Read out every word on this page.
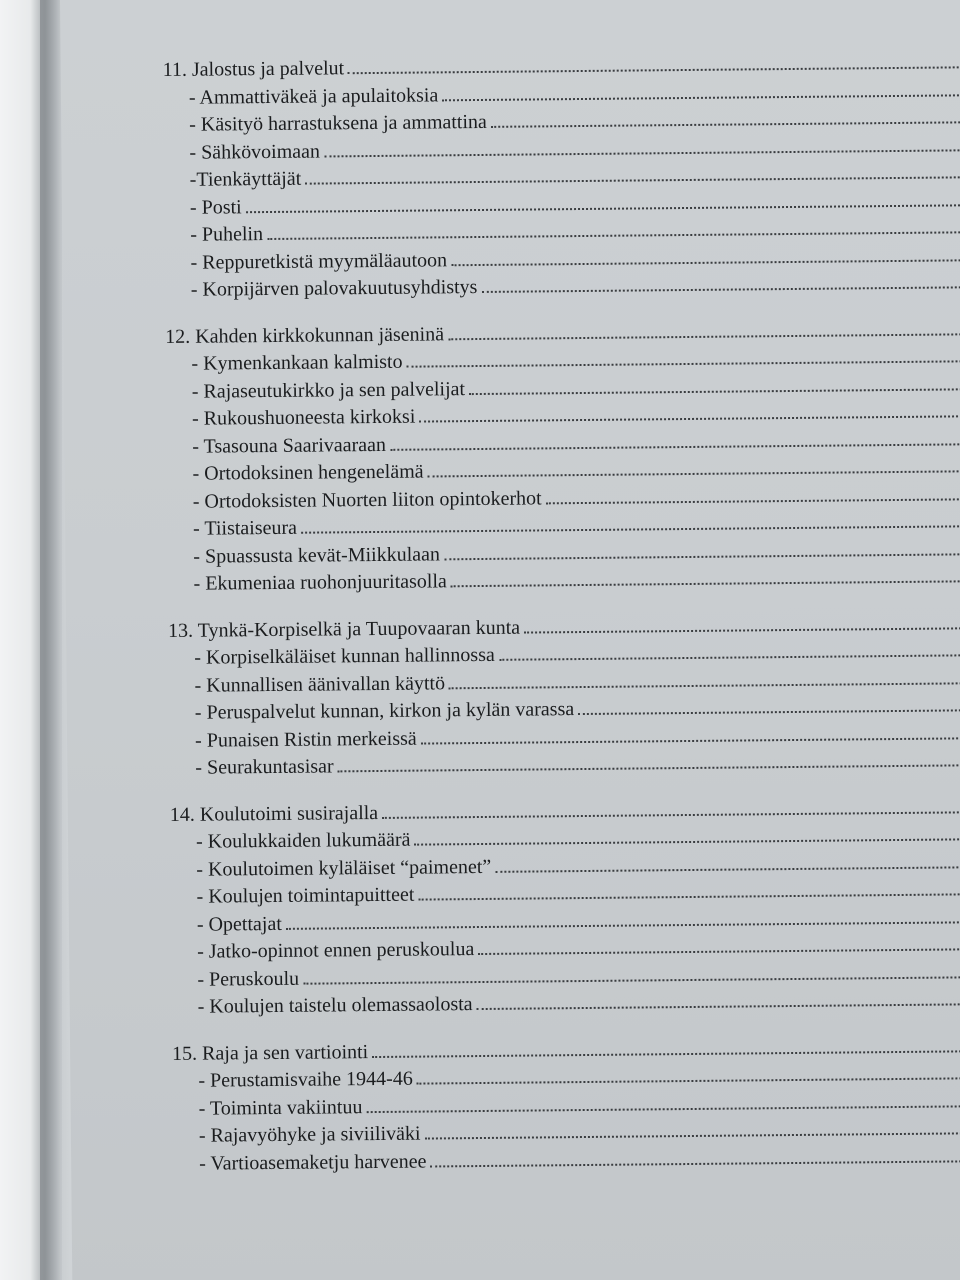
11. Jalostus ja palvelut
- Ammattiväkeä ja apulaitoksia
- Käsityö harrastuksena ja ammattina
- Sähkövoimaan
-Tienkäyttäjät
- Posti
- Puhelin
- Reppuretkistä myymäläautoon
- Korpijärven palovakuutusyhdistys
12. Kahden kirkkokunnan jäseninä
- Kymenkankaan kalmisto
- Rajaseutukirkko ja sen palvelijat
- Rukoushuoneesta kirkoksi
- Tsasouna Saarivaaraan
- Ortodoksinen hengenelämä
- Ortodoksisten Nuorten liiton opintokerhot
- Tiistaiseura
- Spuassusta kevät-Miikkulaan
- Ekumeniaa ruohonjuuritasolla
13. Tynkä-Korpiselkä ja Tuupovaaran kunta
- Korpiselkäläiset kunnan hallinnossa
- Kunnallisen äänivallan käyttö
- Peruspalvelut kunnan, kirkon ja kylän varassa
- Punaisen Ristin merkeissä
- Seurakuntasisar
14. Koulutoimi susirajalla
- Koulukkaiden lukumäärä
- Koulutoimen kyläläiset “paimenet”
- Koulujen toimintapuitteet
- Opettajat
- Jatko-opinnot ennen peruskoulua
- Peruskoulu
- Koulujen taistelu olemassaolosta
15. Raja ja sen vartiointi
- Perustamisvaihe 1944-46
- Toiminta vakiintuu
- Rajavyöhyke ja siviiliväki
- Vartioasemaketju harvenee
